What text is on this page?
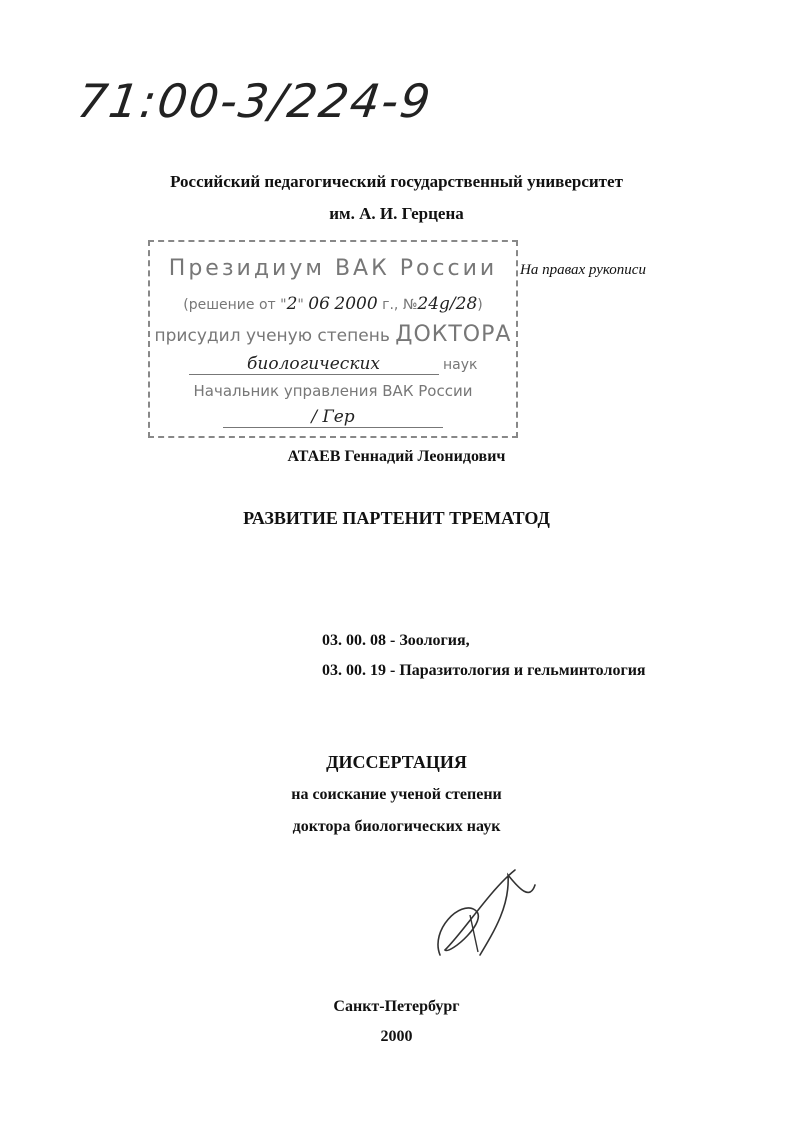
71:00-3/224-9
Российский педагогический государственный университет
им. А. И. Герцена
Президиум ВАК России
(решение от "2" 06 2000 г., №24g/28)
присудил ученую степень ДОКТОРА
биологических	наук
Начальник управления ВАК России
/ Гер
На правах рукописи
АТАЕВ Геннадий Леонидович
РАЗВИТИЕ ПАРТЕНИТ ТРЕМАТОД
03. 00. 08 - Зоология,
03. 00. 19 - Паразитология и гельминтология
ДИССЕРТАЦИЯ
на соискание ученой степени
доктора биологических наук
Санкт-Петербург
2000
